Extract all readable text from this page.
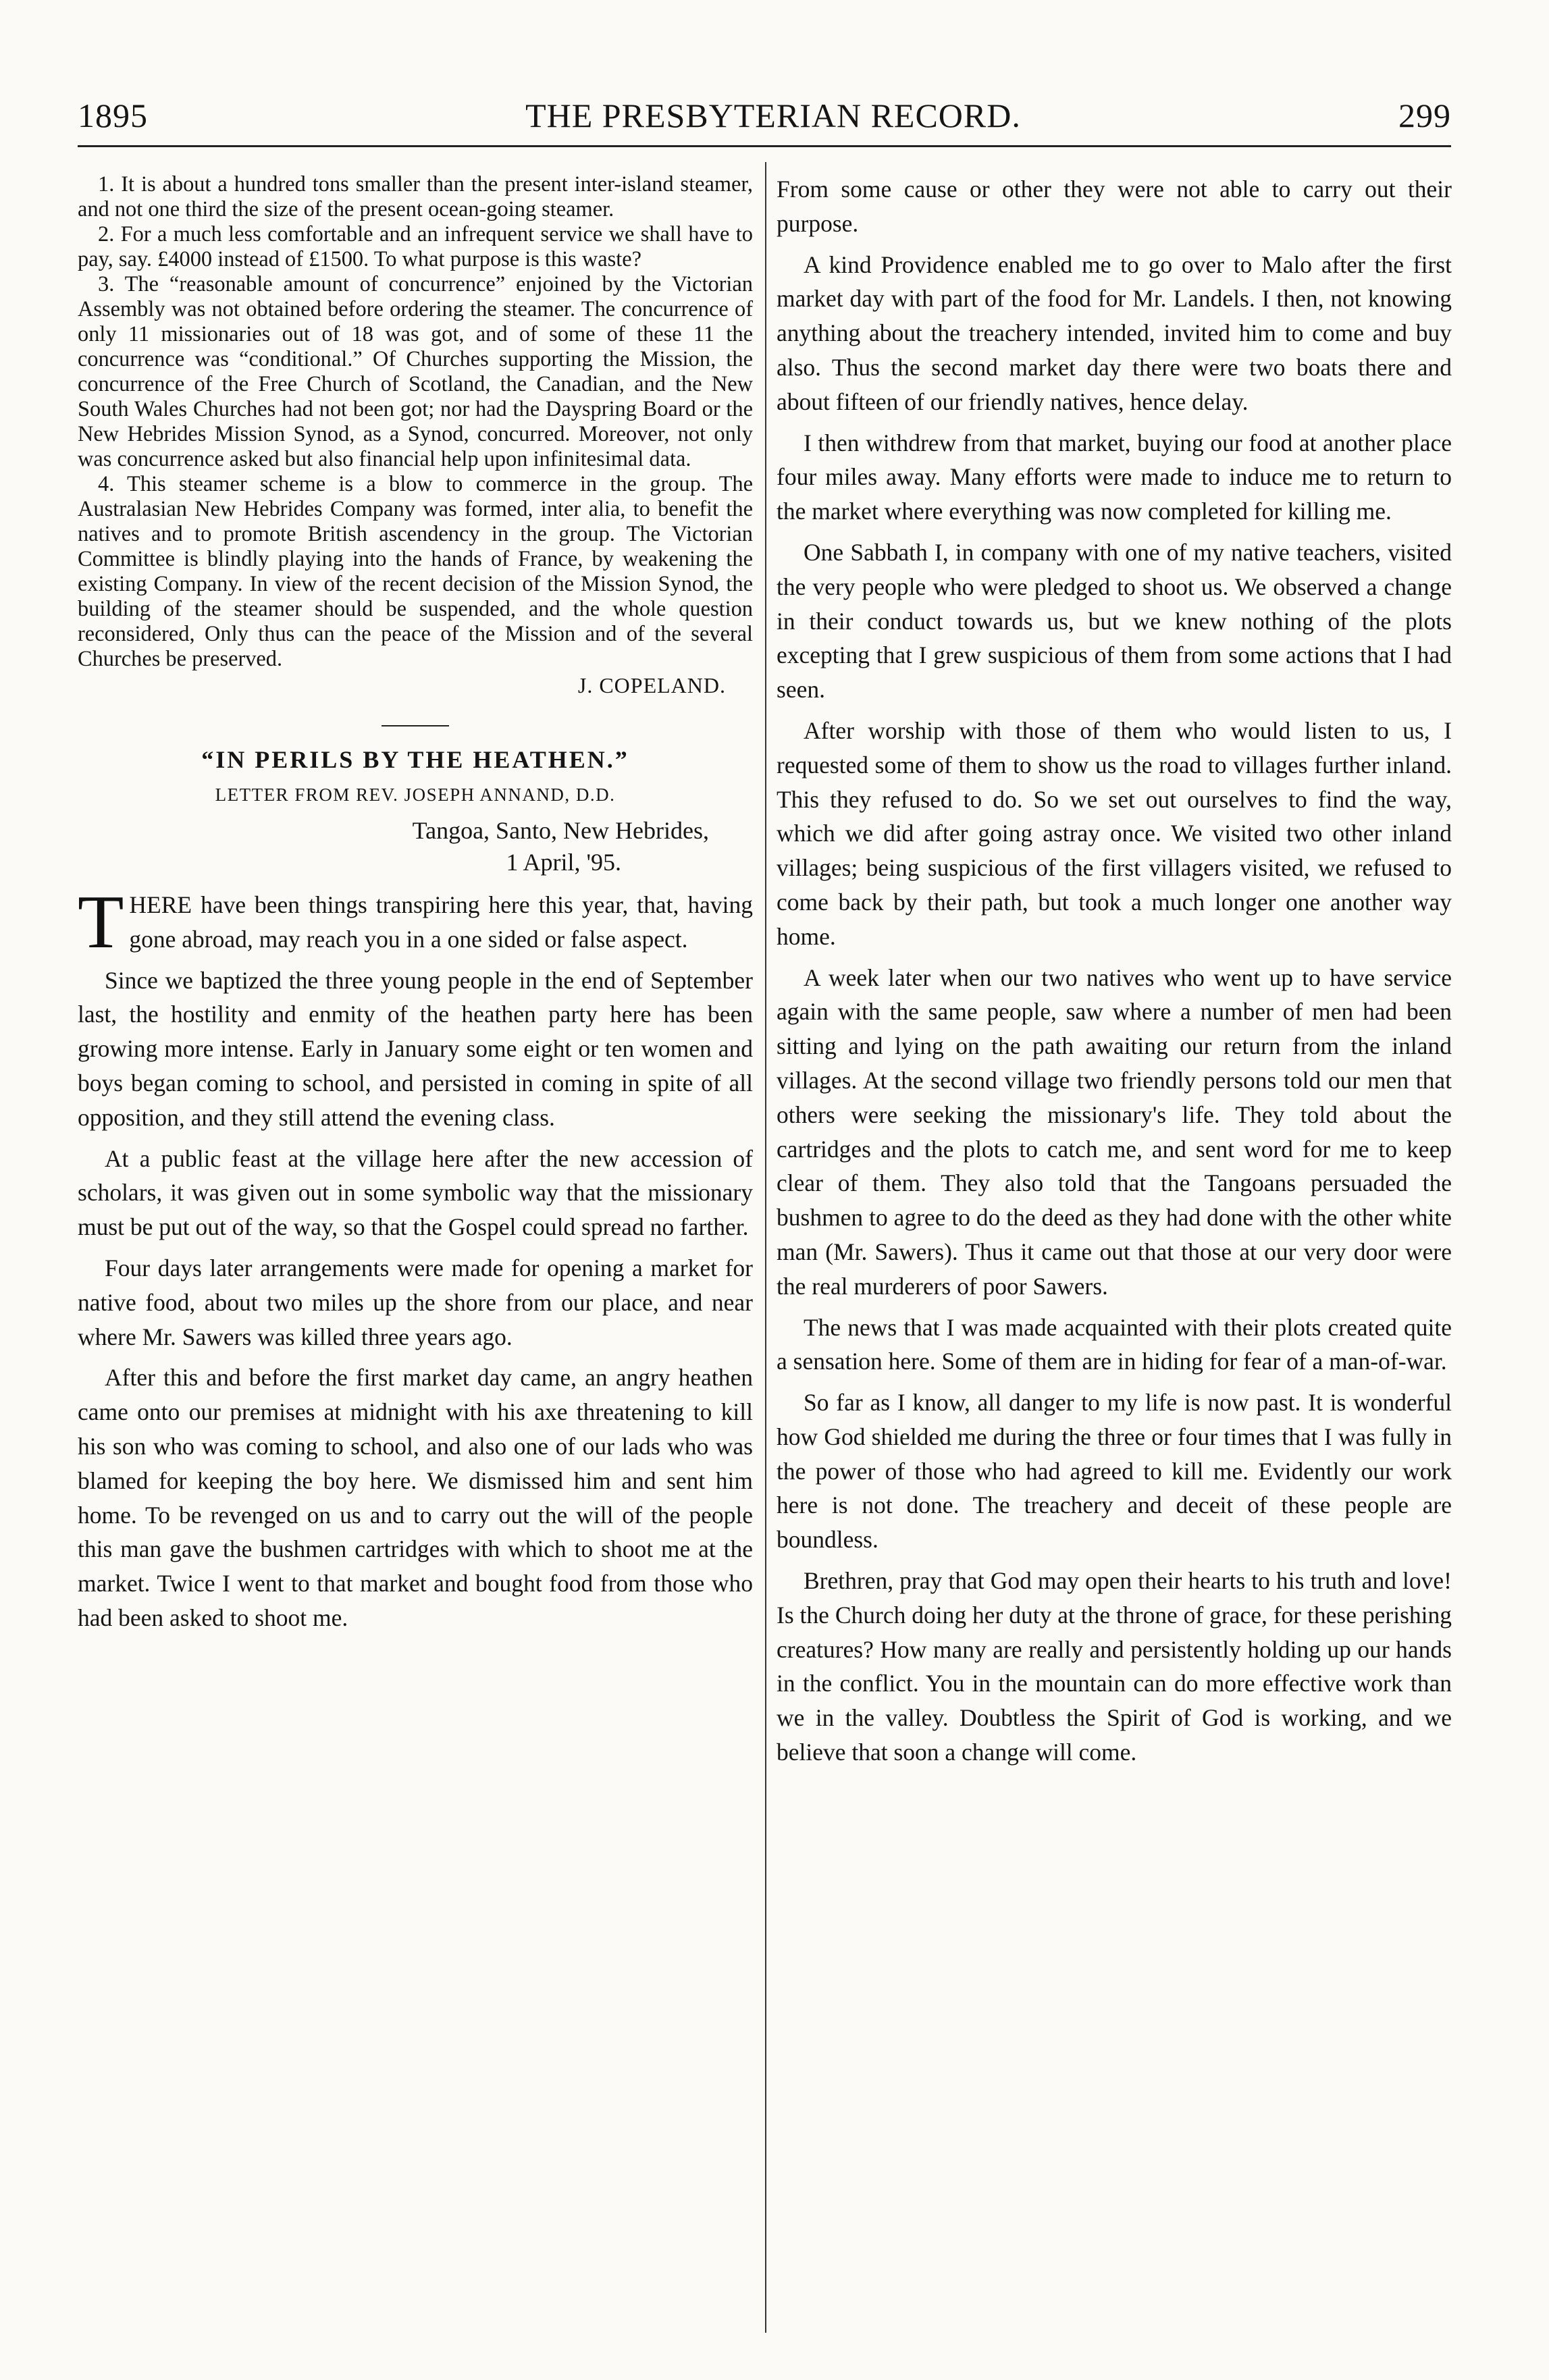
1895	THE PRESBYTERIAN RECORD.	299

1. It is about a hundred tons smaller than the present inter-island steamer, and not one third the size of the present ocean-going steamer.

2. For a much less comfortable and an infrequent service we shall have to pay, say. £4000 instead of £1500. To what purpose is this waste?

3. The “reasonable amount of concurrence” enjoined by the Victorian Assembly was not obtained before ordering the steamer. The concurrence of only 11 missionaries out of 18 was got, and of some of these 11 the concurrence was “conditional.” Of Churches supporting the Mission, the concurrence of the Free Church of Scotland, the Canadian, and the New South Wales Churches had not been got; nor had the Dayspring Board or the New Hebrides Mission Synod, as a Synod, concurred. Moreover, not only was concurrence asked but also financial help upon infinitesimal data.

4. This steamer scheme is a blow to commerce in the group. The Australasian New Hebrides Company was formed, inter alia, to benefit the natives and to promote British ascendency in the group. The Victorian Committee is blindly playing into the hands of France, by weakening the existing Company. In view of the recent decision of the Mission Synod, the building of the steamer should be suspended, and the whole question reconsidered, Only thus can the peace of the Mission and of the several Churches be preserved.

J. COPELAND.
“IN PERILS BY THE HEATHEN.”
LETTER FROM REV. JOSEPH ANNAND, D.D.
Tangoa, Santo, New Hebrides,
1 April, '95.

T HERE have been things transpiring here this year, that, having gone abroad, may reach you in a one sided or false aspect.

Since we baptized the three young people in the end of September last, the hostility and enmity of the heathen party here has been growing more intense. Early in January some eight or ten women and boys began coming to school, and persisted in coming in spite of all opposition, and they still attend the evening class.

At a public feast at the village here after the new accession of scholars, it was given out in some symbolic way that the missionary must be put out of the way, so that the Gospel could spread no farther.

Four days later arrangements were made for opening a market for native food, about two miles up the shore from our place, and near where Mr. Sawers was killed three years ago.

After this and before the first market day came, an angry heathen came onto our premises at midnight with his axe threatening to kill his son who was coming to school, and also one of our lads who was blamed for keeping the boy here. We dismissed him and sent him home. To be revenged on us and to carry out the will of the people this man gave the bushmen cartridges with which to shoot me at the market. Twice I went to that market and bought food from those who had been asked to shoot me.

From some cause or other they were not able to carry out their purpose.

A kind Providence enabled me to go over to Malo after the first market day with part of the food for Mr. Landels. I then, not knowing anything about the treachery intended, invited him to come and buy also. Thus the second market day there were two boats there and about fifteen of our friendly natives, hence delay.

I then withdrew from that market, buying our food at another place four miles away. Many efforts were made to induce me to return to the market where everything was now completed for killing me.

One Sabbath I, in company with one of my native teachers, visited the very people who were pledged to shoot us. We observed a change in their conduct towards us, but we knew nothing of the plots excepting that I grew suspicious of them from some actions that I had seen.

After worship with those of them who would listen to us, I requested some of them to show us the road to villages further inland. This they refused to do. So we set out ourselves to find the way, which we did after going astray once. We visited two other inland villages; being suspicious of the first villagers visited, we refused to come back by their path, but took a much longer one another way home.

A week later when our two natives who went up to have service again with the same people, saw where a number of men had been sitting and lying on the path awaiting our return from the inland villages. At the second village two friendly persons told our men that others were seeking the missionary's life. They told about the cartridges and the plots to catch me, and sent word for me to keep clear of them. They also told that the Tangoans persuaded the bushmen to agree to do the deed as they had done with the other white man (Mr. Sawers). Thus it came out that those at our very door were the real murderers of poor Sawers.

The news that I was made acquainted with their plots created quite a sensation here. Some of them are in hiding for fear of a man-of-war.

So far as I know, all danger to my life is now past. It is wonderful how God shielded me during the three or four times that I was fully in the power of those who had agreed to kill me. Evidently our work here is not done. The treachery and deceit of these people are boundless.

Brethren, pray that God may open their hearts to his truth and love! Is the Church doing her duty at the throne of grace, for these perishing creatures? How many are really and persistently holding up our hands in the conflict. You in the mountain can do more effective work than we in the valley. Doubtless the Spirit of God is working, and we believe that soon a change will come.
